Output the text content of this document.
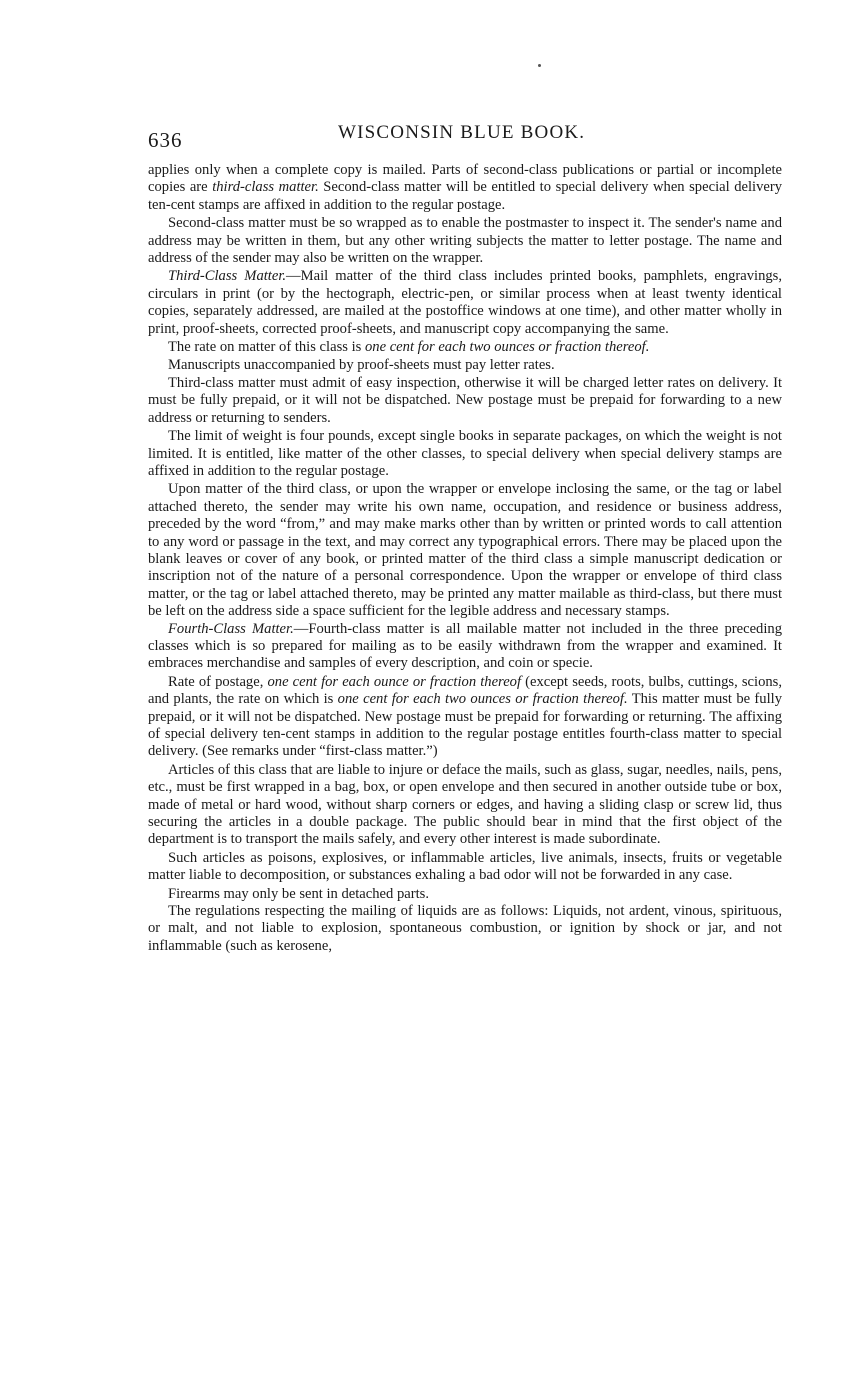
636	WISCONSIN BLUE BOOK.

applies only when a complete copy is mailed. Parts of second-class publications or partial or incomplete copies are third-class matter. Second-class matter will be entitled to special delivery when special delivery ten-cent stamps are affixed in addition to the regular postage.

Second-class matter must be so wrapped as to enable the postmaster to inspect it. The sender's name and address may be written in them, but any other writing subjects the matter to letter postage. The name and address of the sender may also be written on the wrapper.

Third-Class Matter.—Mail matter of the third class includes printed books, pamphlets, engravings, circulars in print (or by the hectograph, electric-pen, or similar process when at least twenty identical copies, separately addressed, are mailed at the postoffice windows at one time), and other matter wholly in print, proof-sheets, corrected proof-sheets, and manuscript copy accompanying the same.

The rate on matter of this class is one cent for each two ounces or fraction thereof.

Manuscripts unaccompanied by proof-sheets must pay letter rates.

Third-class matter must admit of easy inspection, otherwise it will be charged letter rates on delivery. It must be fully prepaid, or it will not be dispatched. New postage must be prepaid for forwarding to a new address or returning to senders.

The limit of weight is four pounds, except single books in separate packages, on which the weight is not limited. It is entitled, like matter of the other classes, to special delivery when special delivery stamps are affixed in addition to the regular postage.

Upon matter of the third class, or upon the wrapper or envelope inclosing the same, or the tag or label attached thereto, the sender may write his own name, occupation, and residence or business address, preceded by the word “from,” and may make marks other than by written or printed words to call attention to any word or passage in the text, and may correct any typographical errors. There may be placed upon the blank leaves or cover of any book, or printed matter of the third class a simple manuscript dedication or inscription not of the nature of a personal correspondence. Upon the wrapper or envelope of third class matter, or the tag or label attached thereto, may be printed any matter mailable as third-class, but there must be left on the address side a space sufficient for the legible address and necessary stamps.

Fourth-Class Matter.—Fourth-class matter is all mailable matter not included in the three preceding classes which is so prepared for mailing as to be easily withdrawn from the wrapper and examined. It embraces merchandise and samples of every description, and coin or specie.

Rate of postage, one cent for each ounce or fraction thereof (except seeds, roots, bulbs, cuttings, scions, and plants, the rate on which is one cent for each two ounces or fraction thereof. This matter must be fully prepaid, or it will not be dispatched. New postage must be prepaid for forwarding or returning. The affixing of special delivery ten-cent stamps in addition to the regular postage entitles fourth-class matter to special delivery. (See remarks under “first-class matter.”)

Articles of this class that are liable to injure or deface the mails, such as glass, sugar, needles, nails, pens, etc., must be first wrapped in a bag, box, or open envelope and then secured in another outside tube or box, made of metal or hard wood, without sharp corners or edges, and having a sliding clasp or screw lid, thus securing the articles in a double package. The public should bear in mind that the first object of the department is to transport the mails safely, and every other interest is made subordinate.

Such articles as poisons, explosives, or inflammable articles, live animals, insects, fruits or vegetable matter liable to decomposition, or substances exhaling a bad odor will not be forwarded in any case.

Firearms may only be sent in detached parts.

The regulations respecting the mailing of liquids are as follows: Liquids, not ardent, vinous, spirituous, or malt, and not liable to explosion, spontaneous combustion, or ignition by shock or jar, and not inflammable (such as kerosene,
